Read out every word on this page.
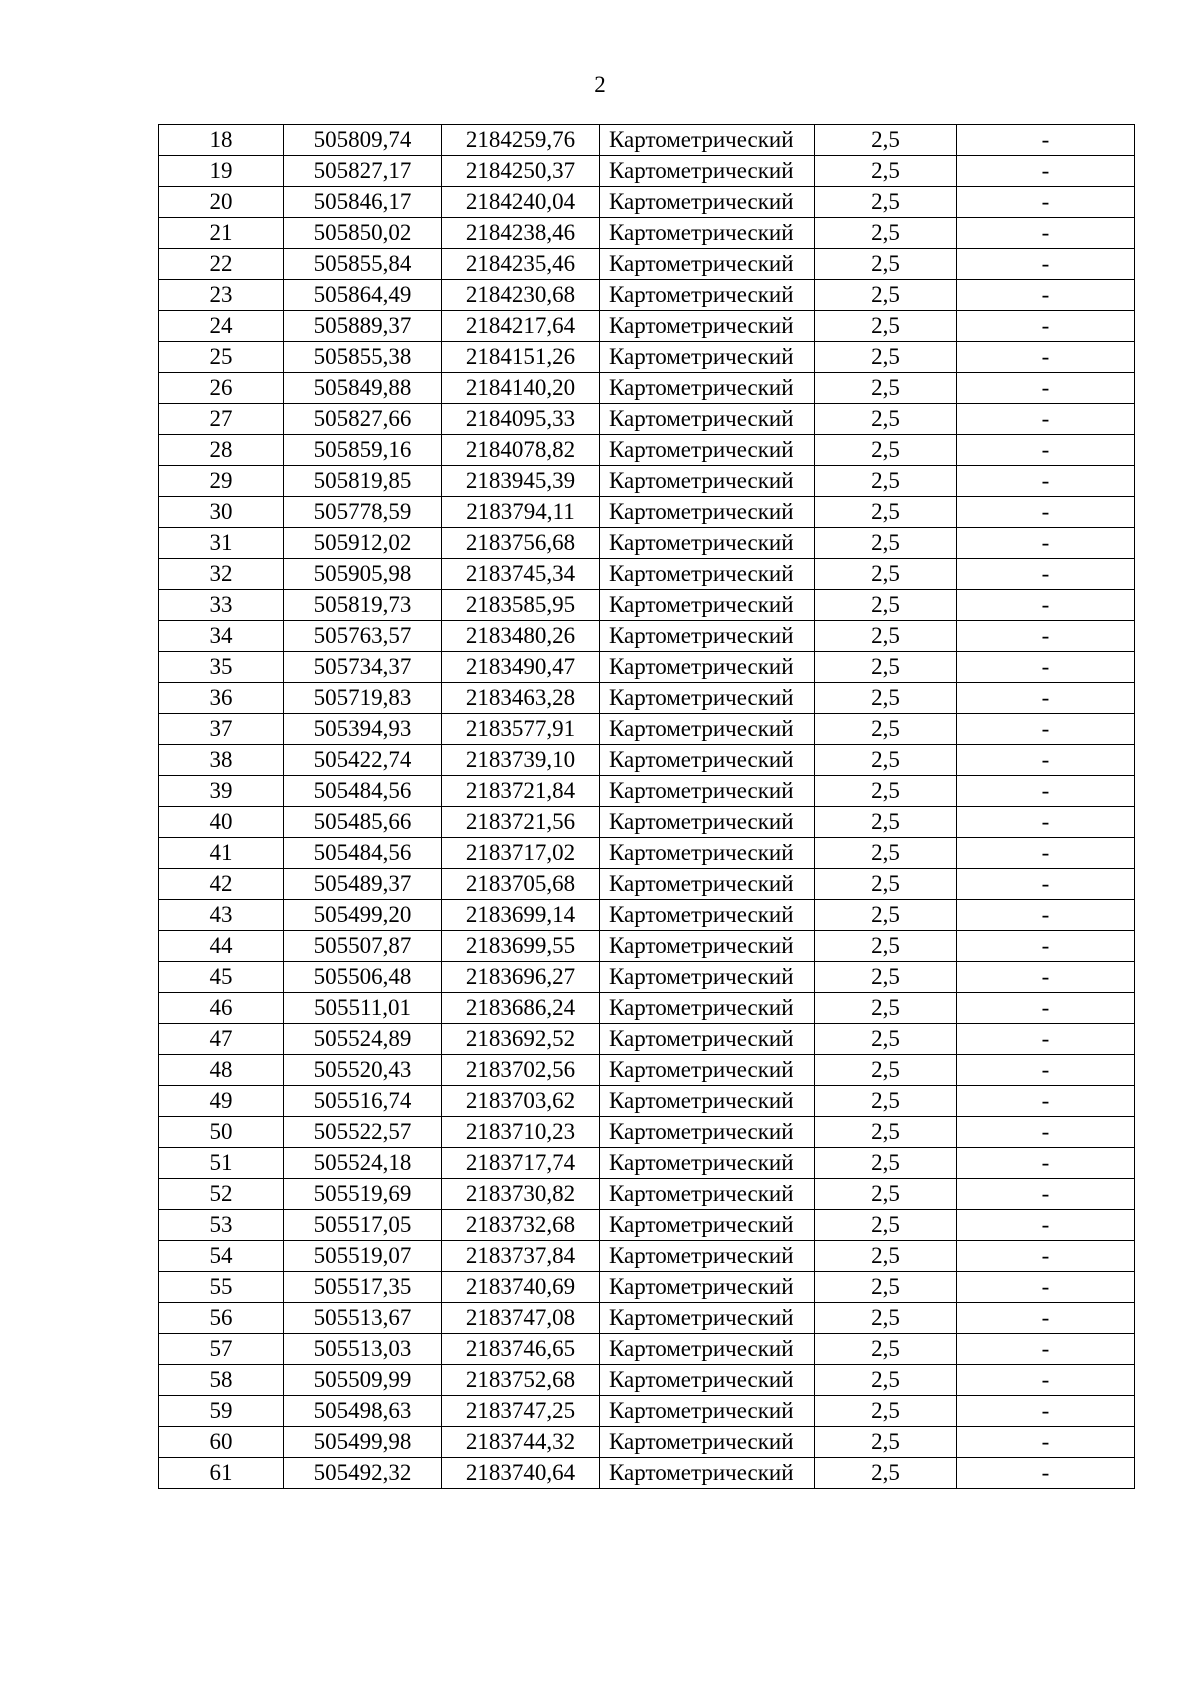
2
18	505809,74	2184259,76	Картометрический	2,5	-
19	505827,17	2184250,37	Картометрический	2,5	-
20	505846,17	2184240,04	Картометрический	2,5	-
21	505850,02	2184238,46	Картометрический	2,5	-
22	505855,84	2184235,46	Картометрический	2,5	-
23	505864,49	2184230,68	Картометрический	2,5	-
24	505889,37	2184217,64	Картометрический	2,5	-
25	505855,38	2184151,26	Картометрический	2,5	-
26	505849,88	2184140,20	Картометрический	2,5	-
27	505827,66	2184095,33	Картометрический	2,5	-
28	505859,16	2184078,82	Картометрический	2,5	-
29	505819,85	2183945,39	Картометрический	2,5	-
30	505778,59	2183794,11	Картометрический	2,5	-
31	505912,02	2183756,68	Картометрический	2,5	-
32	505905,98	2183745,34	Картометрический	2,5	-
33	505819,73	2183585,95	Картометрический	2,5	-
34	505763,57	2183480,26	Картометрический	2,5	-
35	505734,37	2183490,47	Картометрический	2,5	-
36	505719,83	2183463,28	Картометрический	2,5	-
37	505394,93	2183577,91	Картометрический	2,5	-
38	505422,74	2183739,10	Картометрический	2,5	-
39	505484,56	2183721,84	Картометрический	2,5	-
40	505485,66	2183721,56	Картометрический	2,5	-
41	505484,56	2183717,02	Картометрический	2,5	-
42	505489,37	2183705,68	Картометрический	2,5	-
43	505499,20	2183699,14	Картометрический	2,5	-
44	505507,87	2183699,55	Картометрический	2,5	-
45	505506,48	2183696,27	Картометрический	2,5	-
46	505511,01	2183686,24	Картометрический	2,5	-
47	505524,89	2183692,52	Картометрический	2,5	-
48	505520,43	2183702,56	Картометрический	2,5	-
49	505516,74	2183703,62	Картометрический	2,5	-
50	505522,57	2183710,23	Картометрический	2,5	-
51	505524,18	2183717,74	Картометрический	2,5	-
52	505519,69	2183730,82	Картометрический	2,5	-
53	505517,05	2183732,68	Картометрический	2,5	-
54	505519,07	2183737,84	Картометрический	2,5	-
55	505517,35	2183740,69	Картометрический	2,5	-
56	505513,67	2183747,08	Картометрический	2,5	-
57	505513,03	2183746,65	Картометрический	2,5	-
58	505509,99	2183752,68	Картометрический	2,5	-
59	505498,63	2183747,25	Картометрический	2,5	-
60	505499,98	2183744,32	Картометрический	2,5	-
61	505492,32	2183740,64	Картометрический	2,5	-
